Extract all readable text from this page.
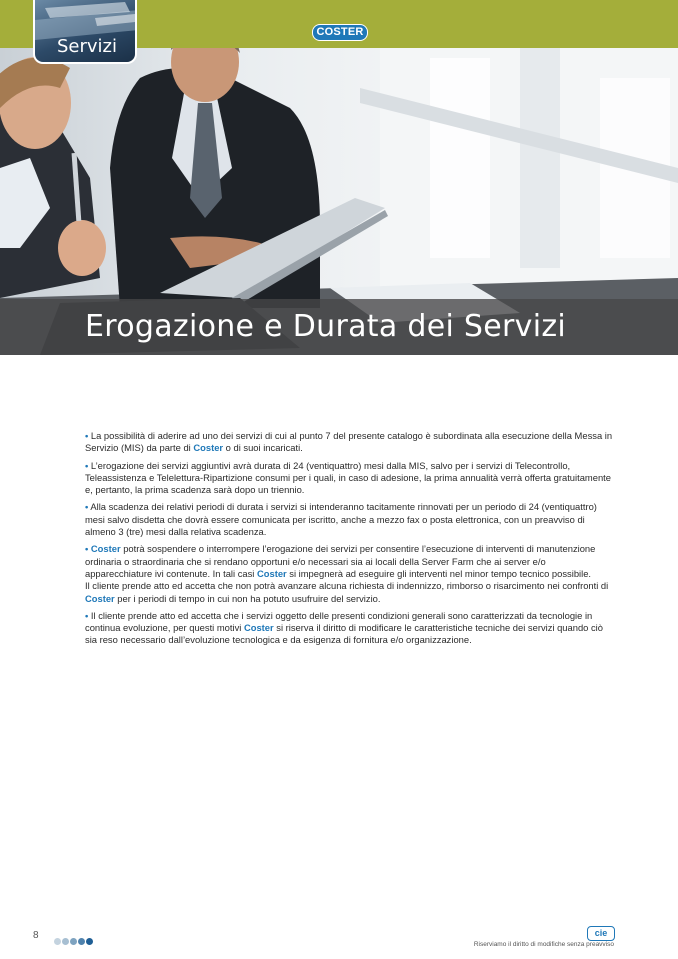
COSTER
Erogazione e Durata dei Servizi
Servizi

• La possibilità di aderire ad uno dei servizi di cui al punto 7 del presente catalogo è subordinata alla esecuzione della Messa in Servizio (MIS) da parte di Coster o di suoi incaricati.

• L’erogazione dei servizi aggiuntivi avrà durata di 24 (ventiquattro) mesi dalla MIS, salvo per i servizi di Telecontrollo, Teleassistenza e Telelettura-Ripartizione consumi per i quali, in caso di adesione, la prima annualità verrà offerta gratuitamente e, pertanto, la prima scadenza sarà dopo un triennio.

• Alla scadenza dei relativi periodi di durata i servizi si intenderanno tacitamente rinnovati per un periodo di 24 (ventiquattro) mesi salvo disdetta che dovrà essere comunicata per iscritto, anche a mezzo fax o posta elettronica, con un preavviso di almeno 3 (tre) mesi dalla relativa scadenza.

• Coster potrà sospendere o interrompere l’erogazione dei servizi per consentire l’esecuzione di interventi di manutenzione ordinaria o straordinaria che si rendano opportuni e/o necessari sia ai locali della Server Farm che ai server e/o apparecchiature ivi contenute. In tali casi Coster si impegnerà ad eseguire gli interventi nel minor tempo tecnico possibile.
Il cliente prende atto ed accetta che non potrà avanzare alcuna richiesta di indennizzo, rimborso o risarcimento nei confronti di Coster per i periodi di tempo in cui non ha potuto usufruire del servizio.

• Il cliente prende atto ed accetta che i servizi oggetto delle presenti condizioni generali sono caratterizzati da tecnologie in continua evoluzione, per questi motivi Coster si riserva il diritto di modificare le caratteristiche tecniche dei servizi quando ciò sia reso necessario dall’evoluzione tecnologica e da esigenza di fornitura e/o organizzazione.

8	cie
Riserviamo il diritto di modifiche senza preavviso
